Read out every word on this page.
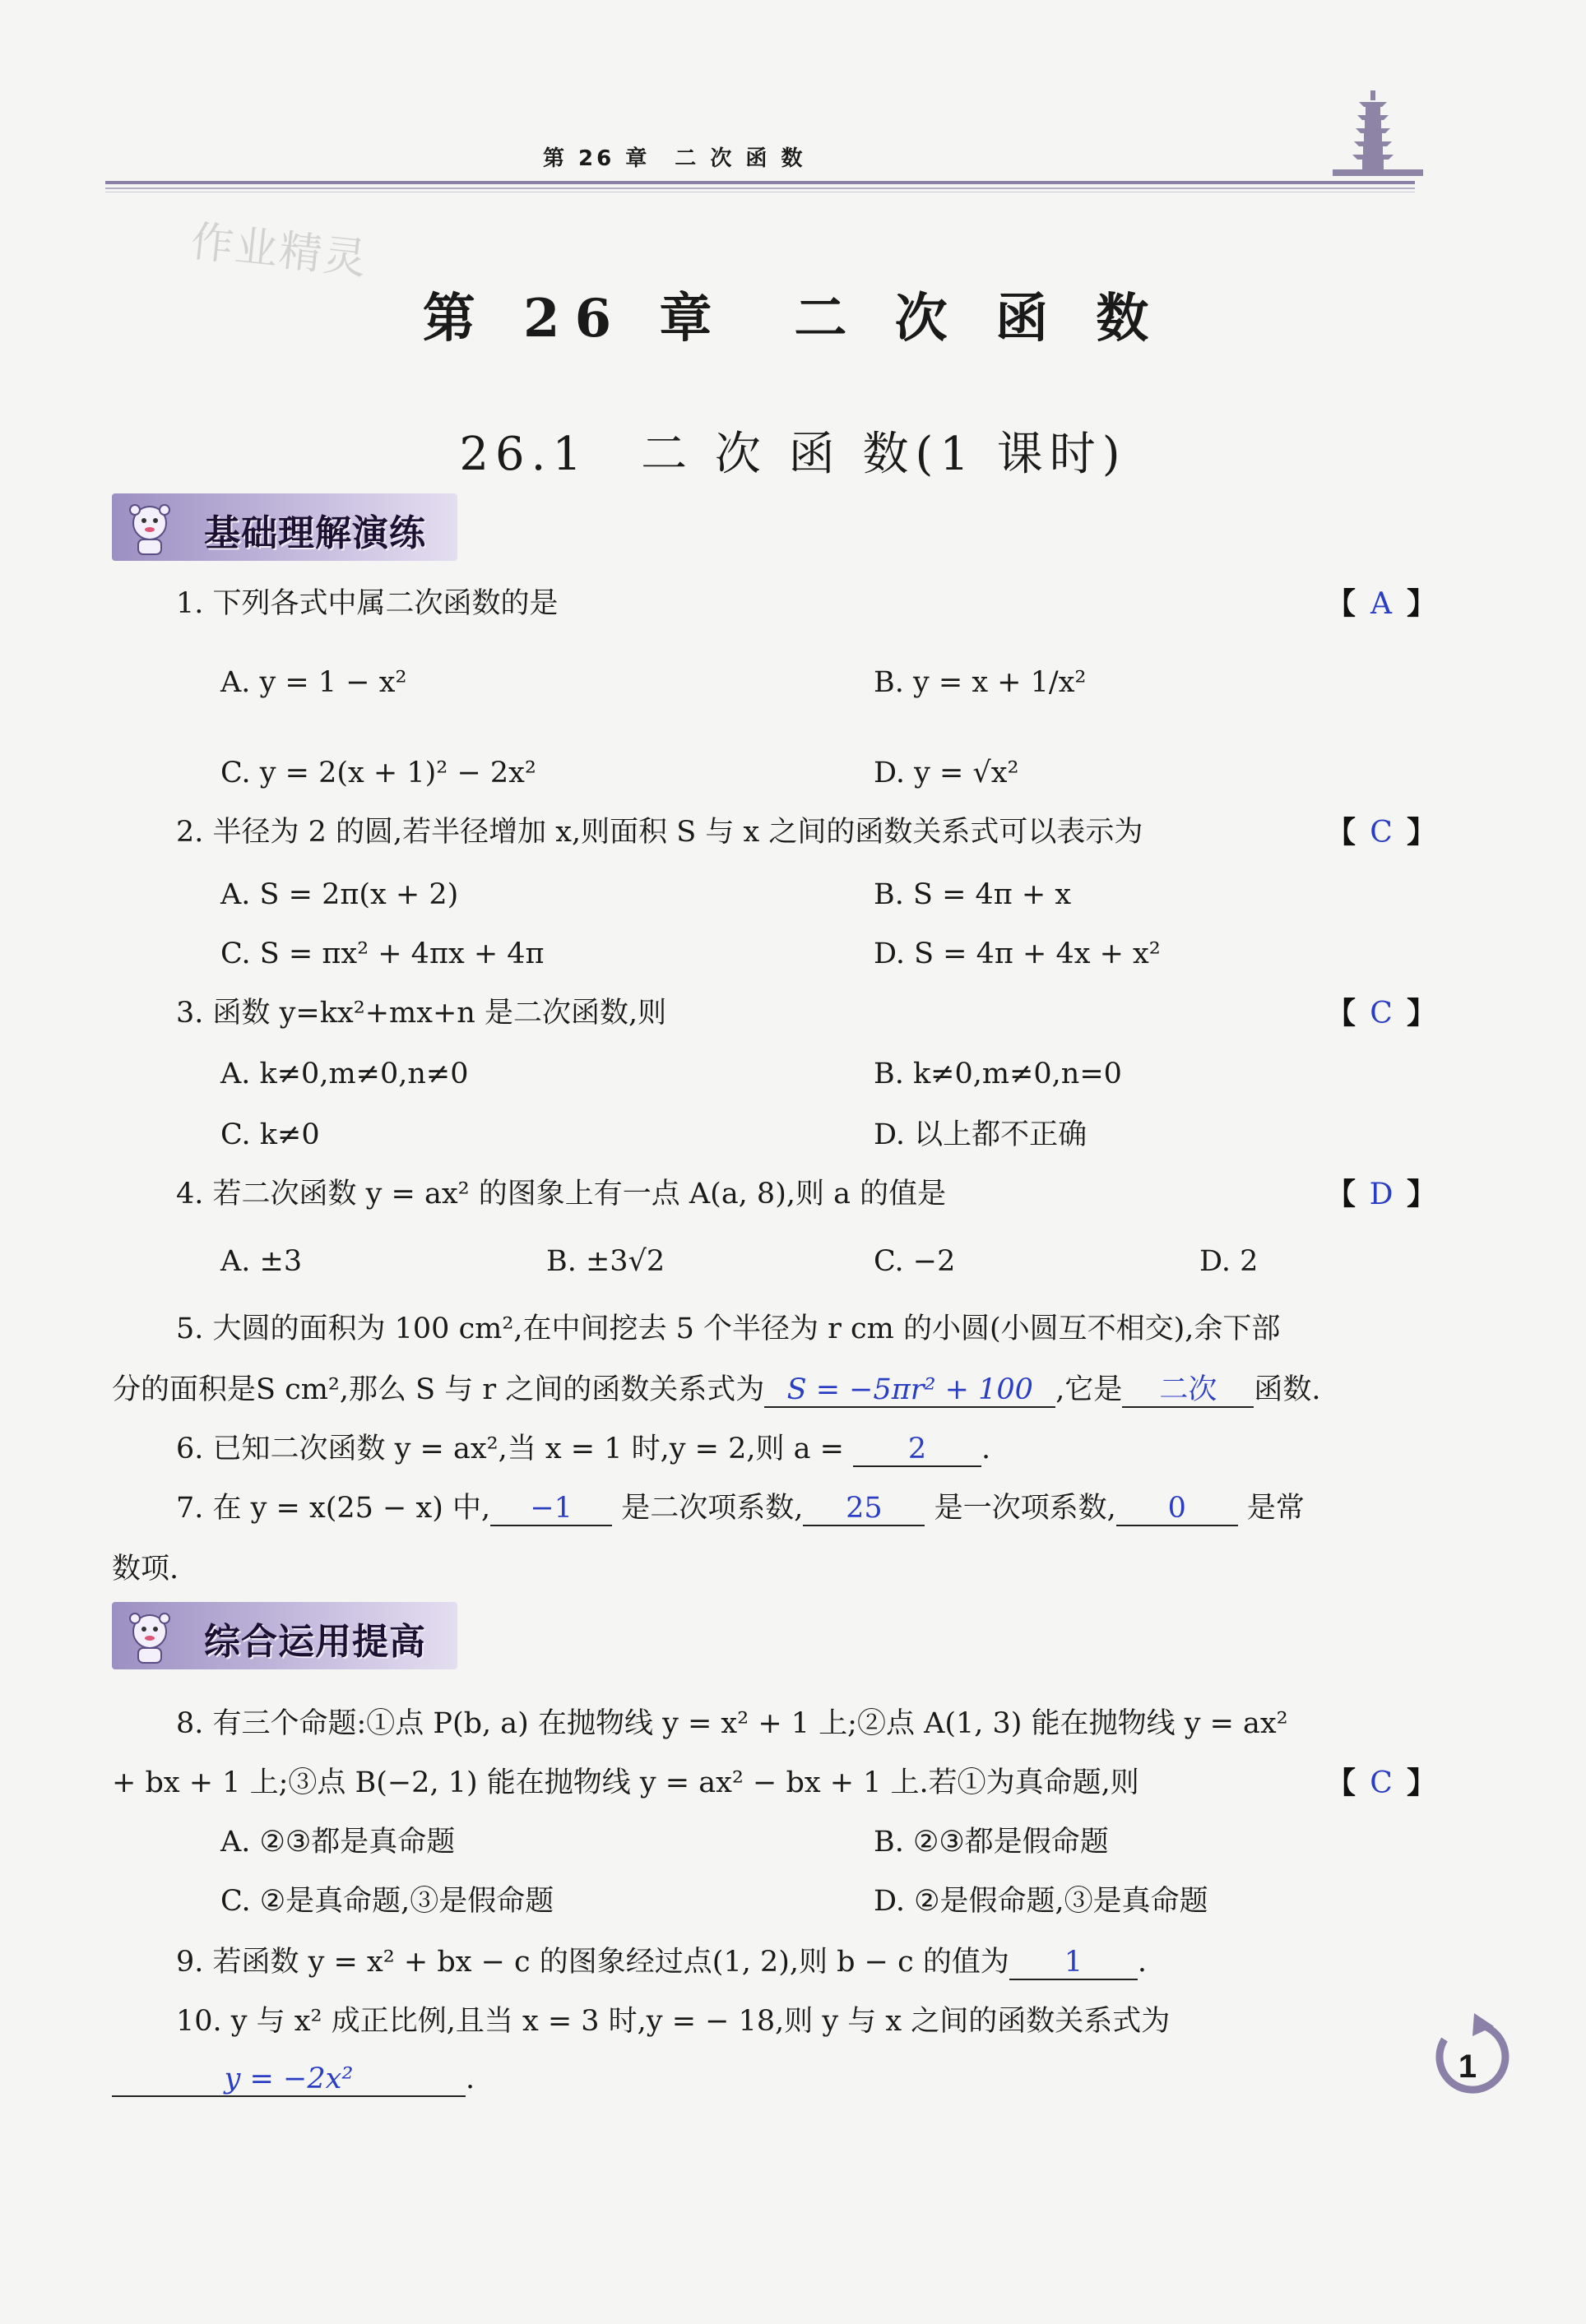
第 26 章　二 次 函 数
作业精灵
第 26 章　二 次 函 数
26.1　二 次 函 数(1 课时)
基础理解演练
1. 下列各式中属二次函数的是	【 A 】
A. y = 1 − x²	B. y = x + 1/x²
C. y = 2(x + 1)² − 2x²	D. y = √x²
2. 半径为 2 的圆,若半径增加 x,则面积 S 与 x 之间的函数关系式可以表示为	【 C 】
A. S = 2π(x + 2)	B. S = 4π + x
C. S = πx² + 4πx + 4π	D. S = 4π + 4x + x²
3. 函数 y=kx²+mx+n 是二次函数,则	【 C 】
A. k≠0,m≠0,n≠0	B. k≠0,m≠0,n=0
C. k≠0	D. 以上都不正确
4. 若二次函数 y = ax² 的图象上有一点 A(a, 8),则 a 的值是	【 D 】
A. ±3	B. ±3√2	C. −2	D. 2
5. 大圆的面积为 100 cm²,在中间挖去 5 个半径为 r cm 的小圆(小圆互不相交),余下部
分的面积是S cm²,那么 S 与 r 之间的函数关系式为 S = −5πr² + 100 ,它是 二次 函数.
6. 已知二次函数 y = ax²,当 x = 1 时,y = 2,则 a = 2 .
7. 在 y = x(25 − x) 中, −1 是二次项系数, 25 是一次项系数, 0 是常
数项.
综合运用提高
8. 有三个命题:①点 P(b, a) 在抛物线 y = x² + 1 上;②点 A(1, 3) 能在抛物线 y = ax²
+ bx + 1 上;③点 B(−2, 1) 能在抛物线 y = ax² − bx + 1 上.若①为真命题,则	【 C 】
A. ②③都是真命题	B. ②③都是假命题
C. ②是真命题,③是假命题	D. ②是假命题,③是真命题
9. 若函数 y = x² + bx − c 的图象经过点(1, 2),则 b − c 的值为 1 .
10. y 与 x² 成正比例,且当 x = 3 时,y = − 18,则 y 与 x 之间的函数关系式为
y = −2x²	.	1
